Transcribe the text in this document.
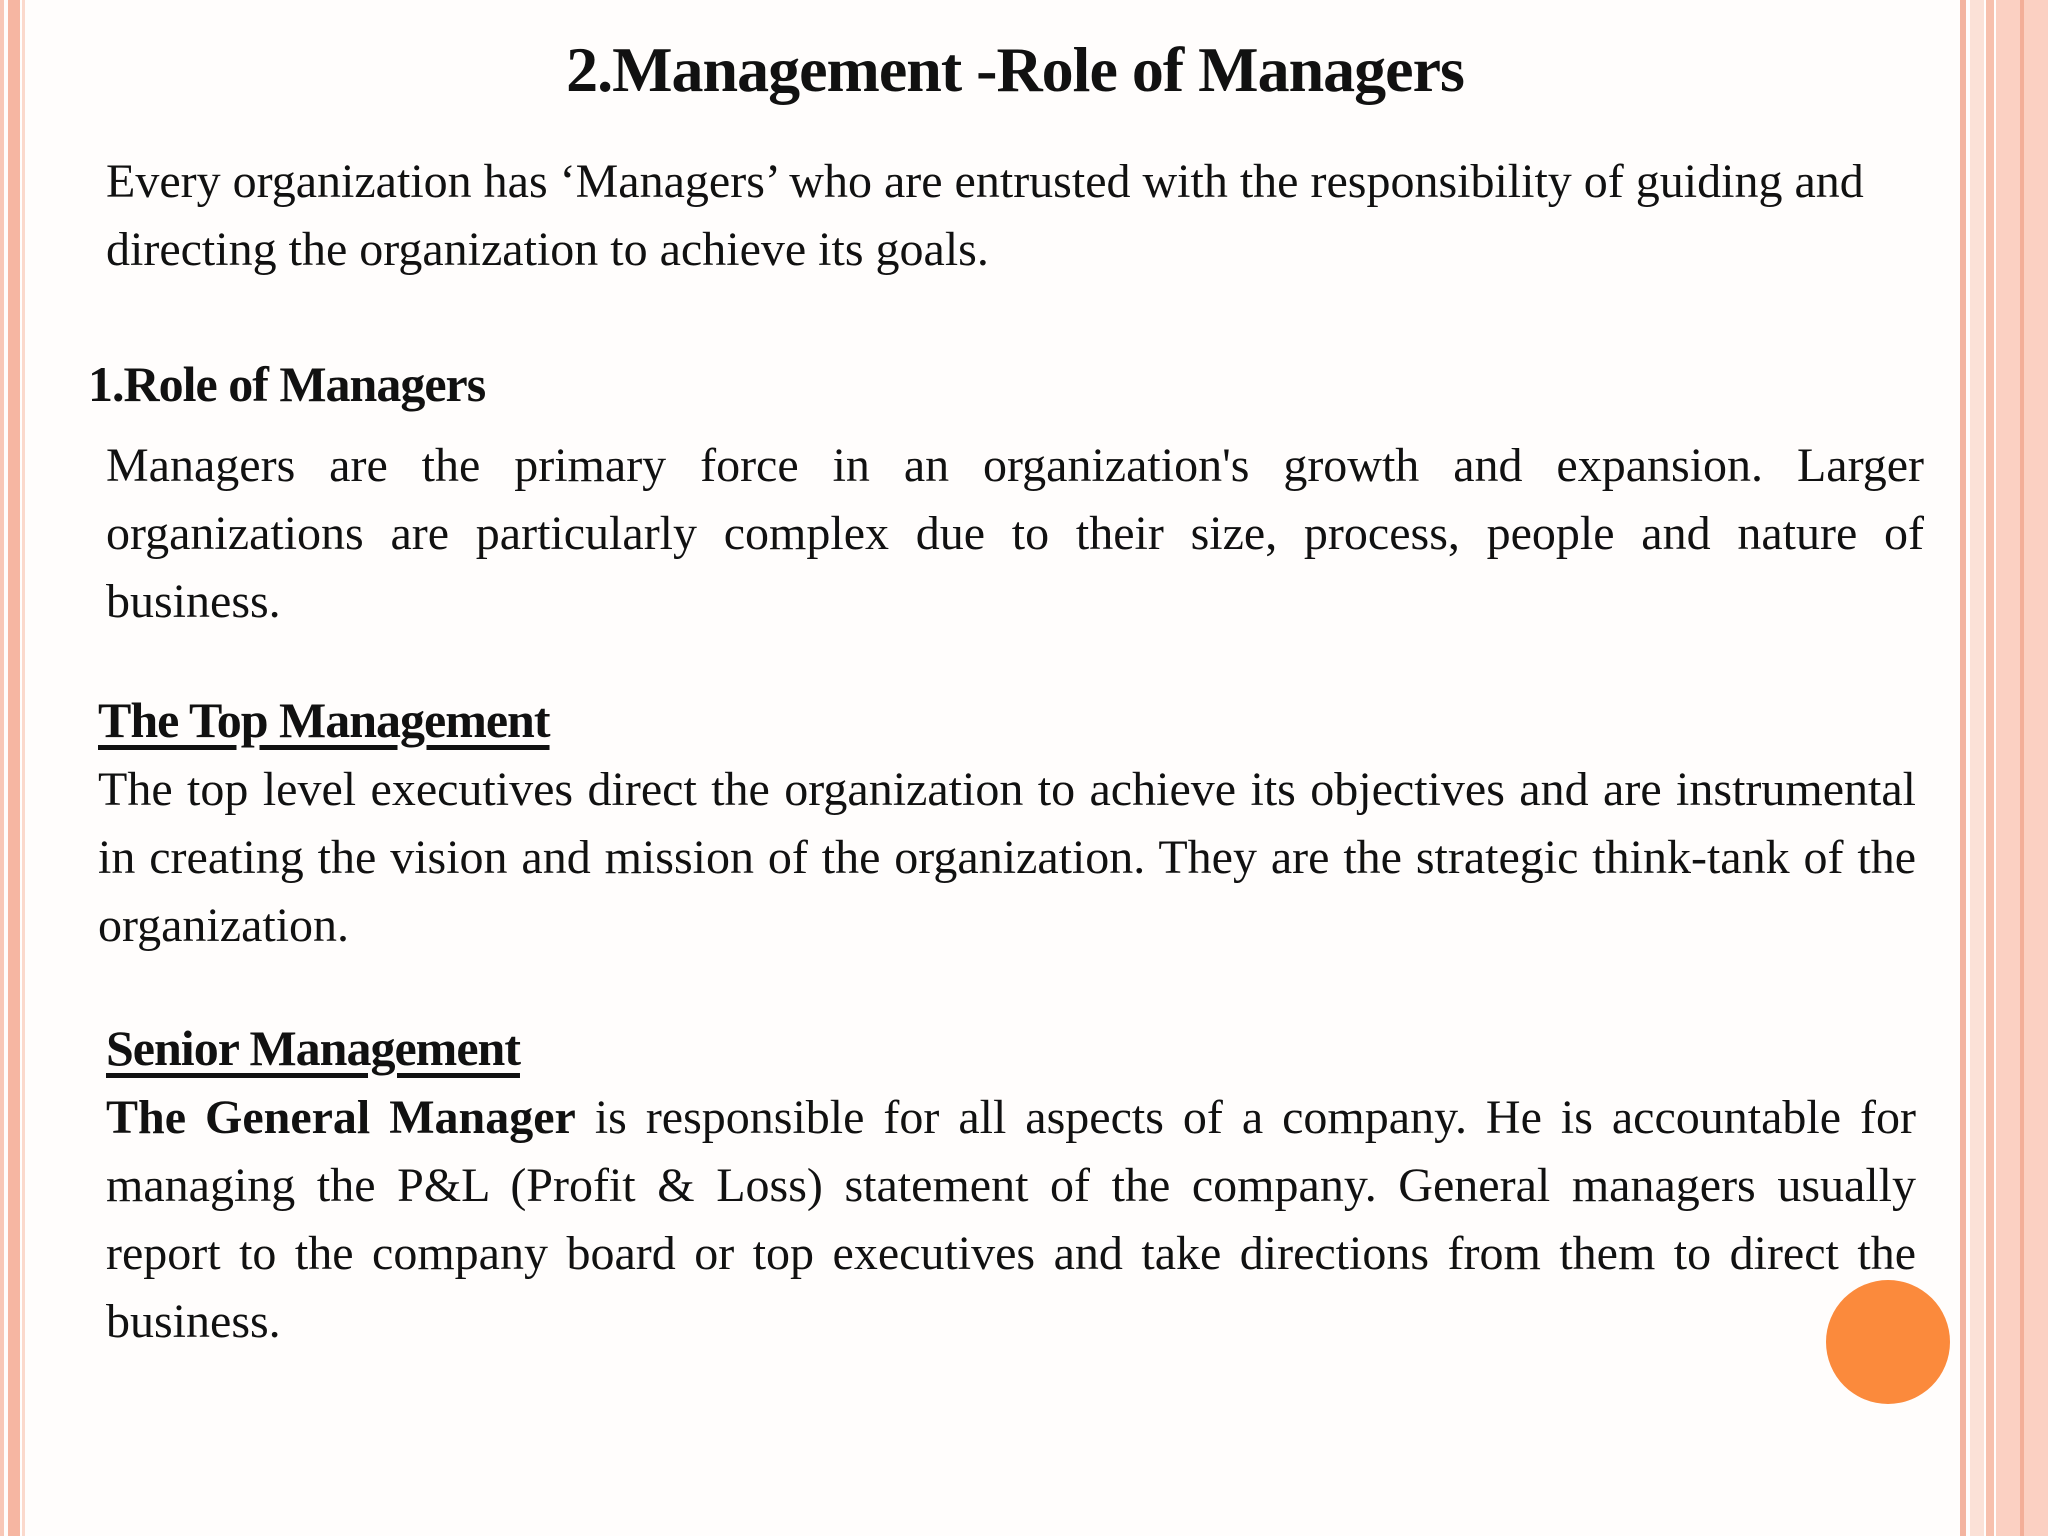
2.Management -Role of Managers

Every organization has ‘Managers’ who are entrusted with the responsibility of guiding and directing the organization to achieve its goals.

1.Role of Managers

Managers are the primary force in an organization's growth and expansion. Larger organizations are particularly complex due to their size, process, people and nature of business.

The Top Management

The top level executives direct the organization to achieve its objectives and are instrumental in creating the vision and mission of the organization. They are the strategic think-tank of the organization.

Senior Management

The General Manager is responsible for all aspects of a company. He is accountable for managing the P&L (Profit & Loss) statement of the company. General managers usually report to the company board or top executives and take directions from them to direct the business.
